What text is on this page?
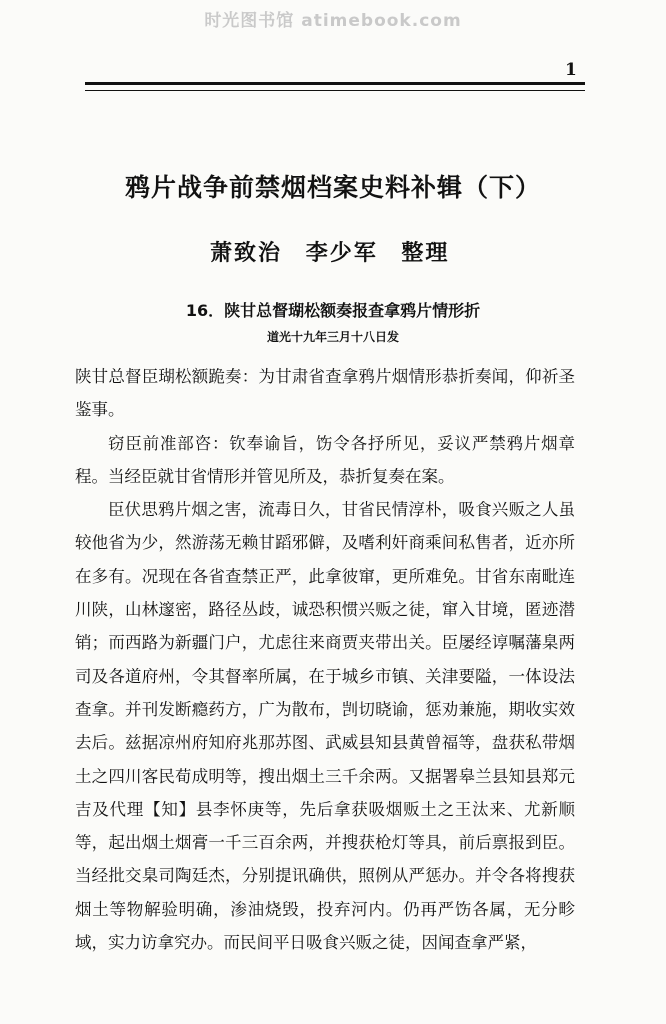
时光图书馆 atimebook.com
1
鸦片战争前禁烟档案史料补辑（下）
萧致治 李少军 整理
16．陕甘总督瑚松额奏报查拿鸦片情形折
道光十九年三月十八日发

陕甘总督臣瑚松额跪奏：为甘肃省查拿鸦片烟情形恭折奏闻，仰祈圣鉴事。

窃臣前准部咨：钦奉谕旨，饬令各抒所见，妥议严禁鸦片烟章程。当经臣就甘省情形并管见所及，恭折复奏在案。

臣伏思鸦片烟之害，流毒日久，甘省民情淳朴，吸食兴贩之人虽较他省为少，然游荡无赖甘蹈邪僻，及嗜利奸商乘间私售者，近亦所在多有。况现在各省查禁正严，此拿彼窜，更所难免。甘省东南毗连川陕，山林邃密，路径丛歧，诚恐积惯兴贩之徒，窜入甘境，匿迹潜销；而西路为新疆门户，尤虑往来商贾夹带出关。臣屡经谆嘱藩臬两司及各道府州，令其督率所属，在于城乡市镇、关津要隘，一体设法查拿。并刊发断瘾药方，广为散布，剀切晓谕，惩劝兼施，期收实效去后。兹据凉州府知府兆那苏图、武威县知县黄曾福等，盘获私带烟土之四川客民荀成明等，搜出烟土三千余两。又据署皋兰县知县郑元吉及代理【知】县李怀庚等，先后拿获吸烟贩土之王汰来、尤新顺等，起出烟土烟膏一千三百余两，并搜获枪灯等具，前后禀报到臣。当经批交臬司陶廷杰，分别提讯确供，照例从严惩办。并令各将搜获烟土等物解验明确，渗油烧毁，投弃河内。仍再严饬各属，无分畛域，实力访拿究办。而民间平日吸食兴贩之徒，因闻查拿严紧，
